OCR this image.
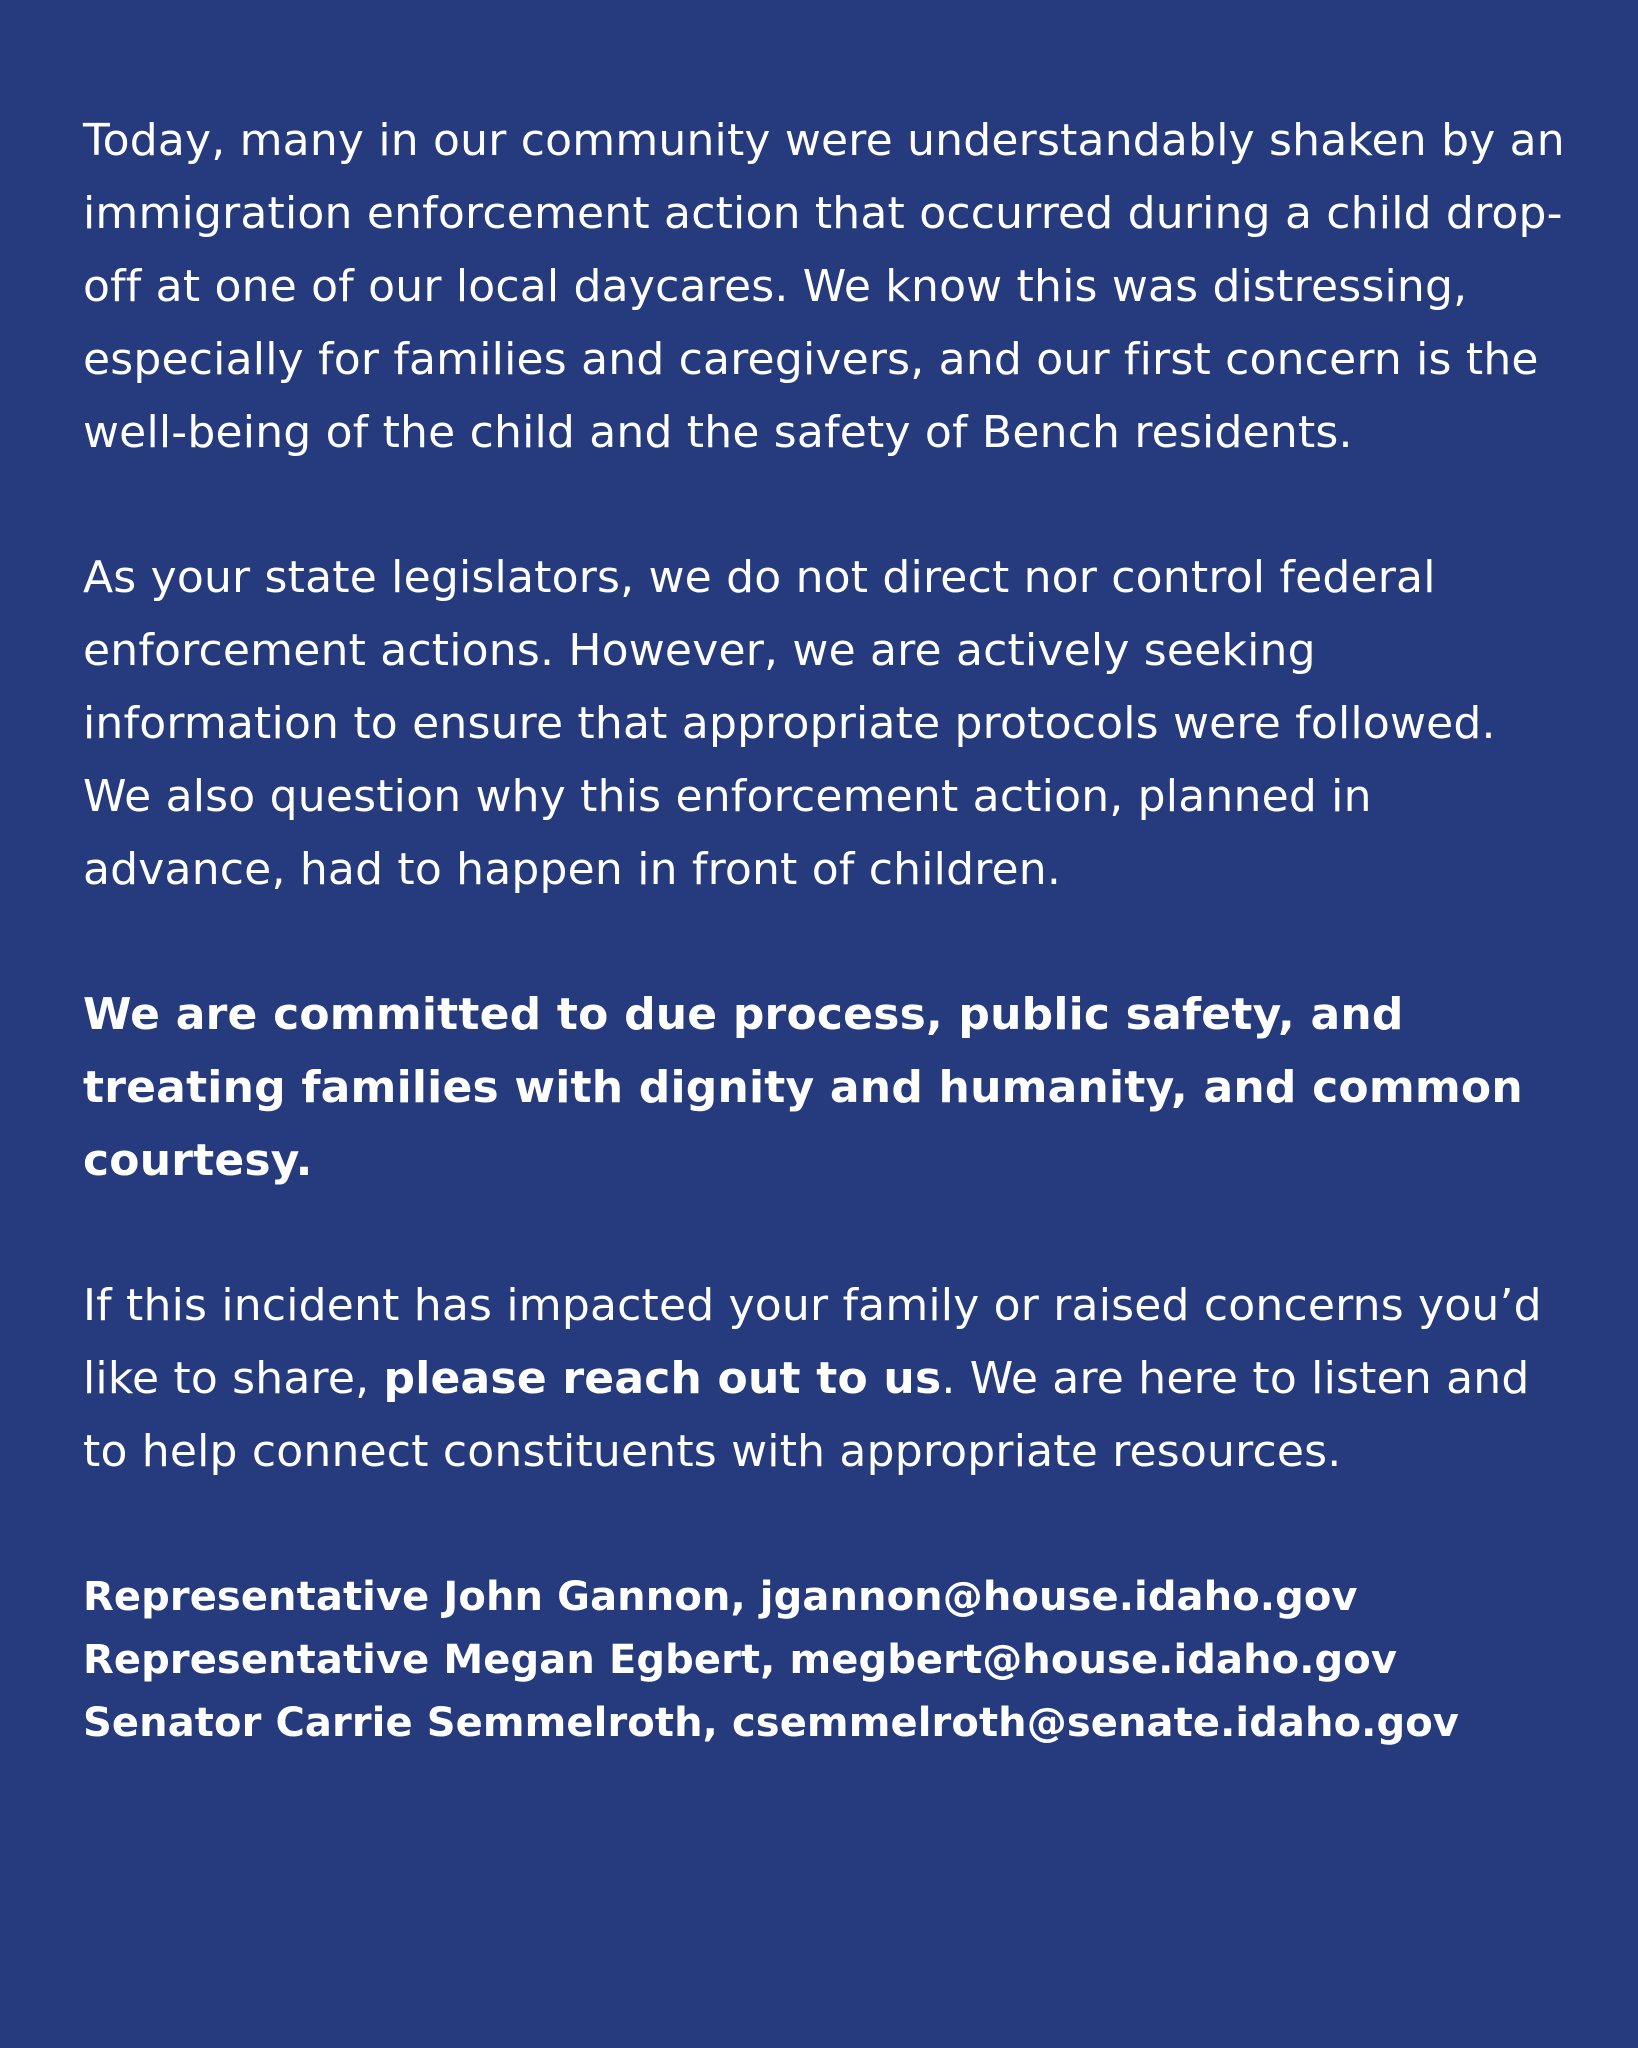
Today, many in our community were understandably shaken by an immigration enforcement action that occurred during a child drop-off at one of our local daycares. We know this was distressing, especially for families and caregivers, and our first concern is the well-being of the child and the safety of Bench residents.

As your state legislators, we do not direct nor control federal enforcement actions. However, we are actively seeking information to ensure that appropriate protocols were followed. We also question why this enforcement action, planned in advance, had to happen in front of children.

We are committed to due process, public safety, and treating families with dignity and humanity, and common courtesy.

If this incident has impacted your family or raised concerns you’d like to share, please reach out to us. We are here to listen and to help connect constituents with appropriate resources.

Representative John Gannon, jgannon@house.idaho.gov
Representative Megan Egbert, megbert@house.idaho.gov
Senator Carrie Semmelroth, csemmelroth@senate.idaho.gov
